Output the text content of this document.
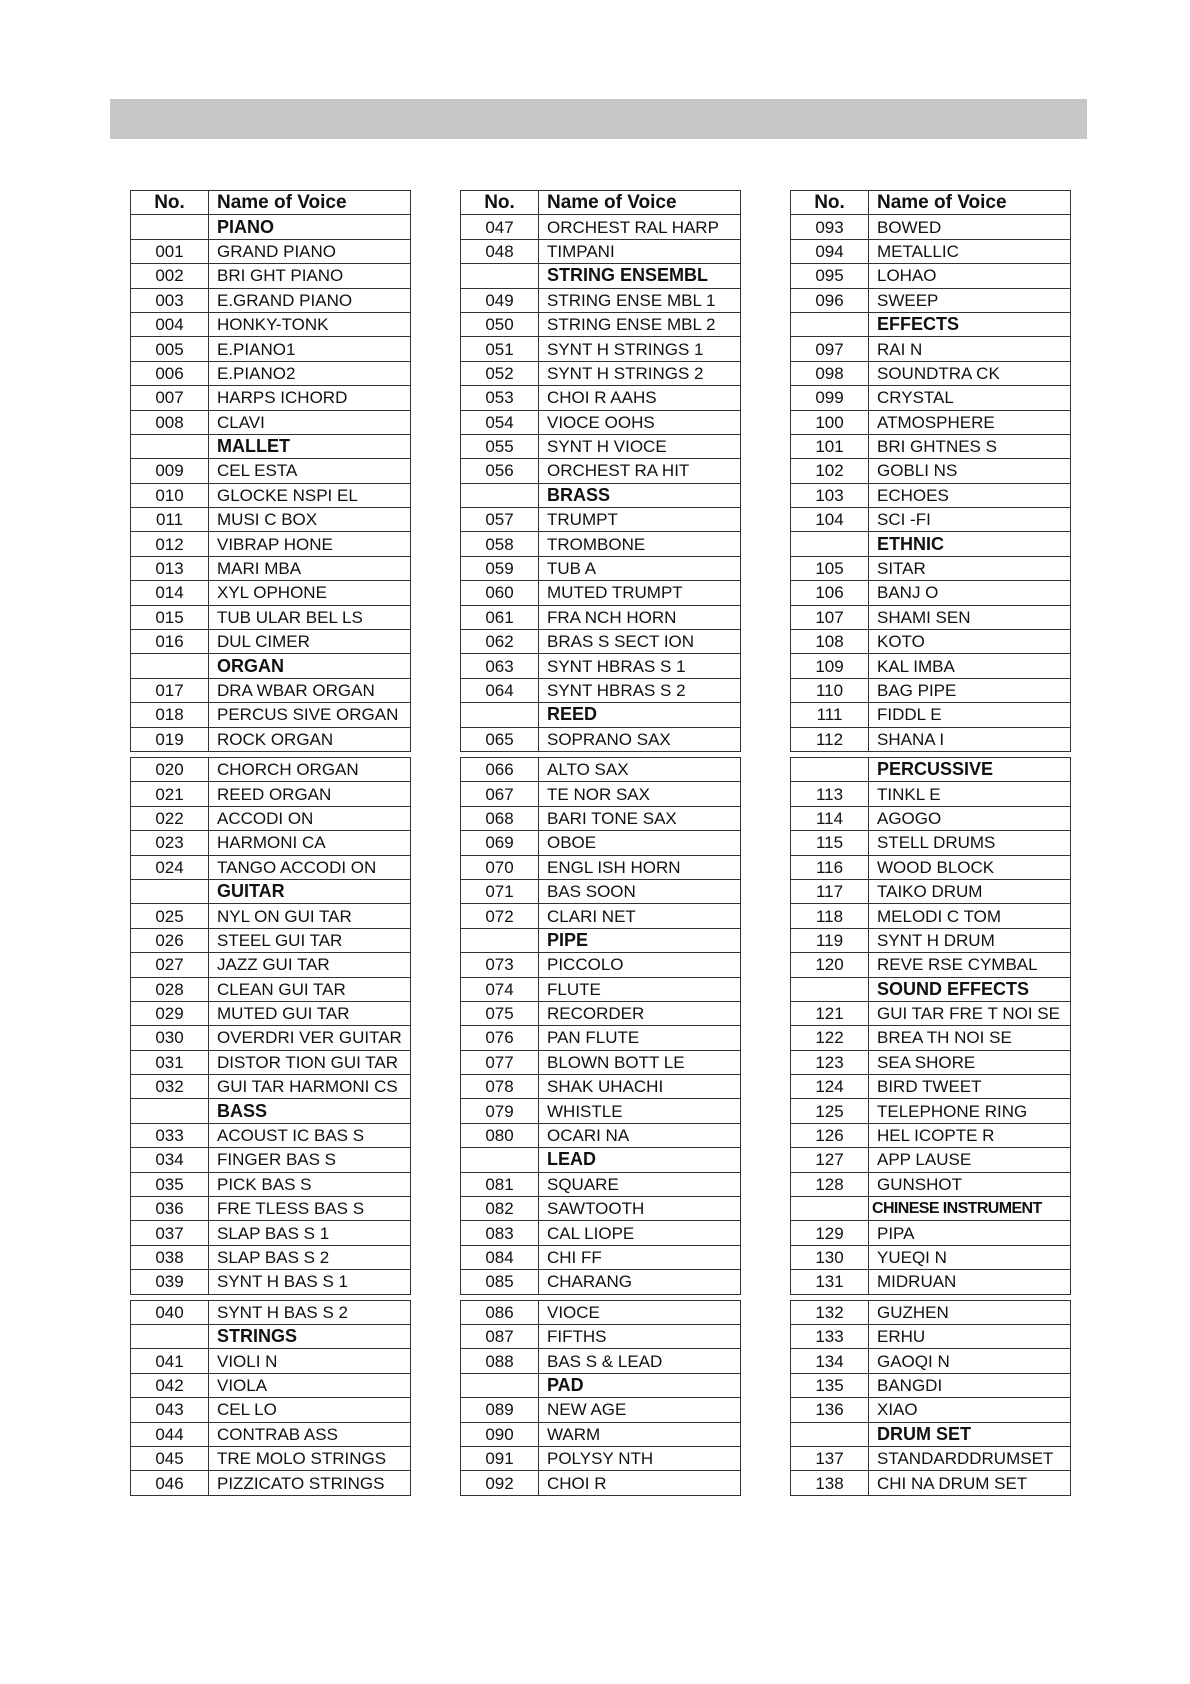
No.	Name of Voice
	PIANO
001	GRAND PIANO
002	BRI GHT PIANO
003	E.GRAND PIANO
004	HONKY-TONK
005	E.PIANO1
006	E.PIANO2
007	HARPS ICHORD
008	CLAVI
	MALLET
009	CEL ESTA
010	GLOCKE NSPI EL
011	MUSI C BOX
012	VIBRAP HONE
013	MARI MBA
014	XYL OPHONE
015	TUB ULAR BEL LS
016	DUL CIMER
	ORGAN
017	DRA WBAR ORGAN
018	PERCUS SIVE ORGAN
019	ROCK ORGAN

020	CHORCH ORGAN
021	REED ORGAN
022	ACCODI ON
023	HARMONI CA
024	TANGO ACCODI ON
	GUITAR
025	NYL ON GUI TAR
026	STEEL GUI TAR
027	JAZZ GUI TAR
028	CLEAN GUI TAR
029	MUTED GUI TAR
030	OVERDRI VER GUITAR
031	DISTOR TION GUI TAR
032	GUI TAR HARMONI CS
	BASS
033	ACOUST IC BAS S
034	FINGER BAS S
035	PICK BAS S
036	FRE TLESS BAS S
037	SLAP BAS S 1
038	SLAP BAS S 2
039	SYNT H BAS S 1

040	SYNT H BAS S 2
	STRINGS
041	VIOLI N
042	VIOLA
043	CEL LO
044	CONTRAB ASS
045	TRE MOLO STRINGS
046	PIZZICATO STRINGS
No.	Name of Voice
047	ORCHEST RAL HARP
048	TIMPANI
	STRING ENSEMBL
049	STRING ENSE MBL 1
050	STRING ENSE MBL 2
051	SYNT H STRINGS 1
052	SYNT H STRINGS 2
053	CHOI R AAHS
054	VIOCE OOHS
055	SYNT H VIOCE
056	ORCHEST RA HIT
	BRASS
057	TRUMPT
058	TROMBONE
059	TUB A
060	MUTED TRUMPT
061	FRA NCH HORN
062	BRAS S SECT ION
063	SYNT HBRAS S 1
064	SYNT HBRAS S 2
	REED
065	SOPRANO SAX

066	ALTO SAX
067	TE NOR SAX
068	BARI TONE SAX
069	OBOE
070	ENGL ISH HORN
071	BAS SOON
072	CLARI NET
	PIPE
073	PICCOLO
074	FLUTE
075	RECORDER
076	PAN FLUTE
077	BLOWN BOTT LE
078	SHAK UHACHI
079	WHISTLE
080	OCARI NA
	LEAD
081	SQUARE
082	SAWTOOTH
083	CAL LIOPE
084	CHI FF
085	CHARANG

086	VIOCE
087	FIFTHS
088	BAS S & LEAD
	PAD
089	NEW AGE
090	WARM
091	POLYSY NTH
092	CHOI R
No.	Name of Voice
093	BOWED
094	METALLIC
095	LOHAO
096	SWEEP
	EFFECTS
097	RAI N
098	SOUNDTRA CK
099	CRYSTAL
100	ATMOSPHERE
101	BRI GHTNES S
102	GOBLI NS
103	ECHOES
104	SCI -FI
	ETHNIC
105	SITAR
106	BANJ O
107	SHAMI SEN
108	KOTO
109	KAL IMBA
110	BAG PIPE
111	FIDDL E
112	SHANA I

	PERCUSSIVE
113	TINKL E
114	AGOGO
115	STELL DRUMS
116	WOOD BLOCK
117	TAIKO DRUM
118	MELODI C TOM
119	SYNT H DRUM
120	REVE RSE CYMBAL
	SOUND EFFECTS
121	GUI TAR FRE T NOI SE
122	BREA TH NOI SE
123	SEA SHORE
124	BIRD TWEET
125	TELEPHONE RING
126	HEL ICOPTE R
127	APP LAUSE
128	GUNSHOT
	CHINESE INSTRUMENT
129	PIPA
130	YUEQI N
131	MIDRUAN

132	GUZHEN
133	ERHU
134	GAOQI N
135	BANGDI
136	XIAO
	DRUM SET
137	STANDARDDRUMSET
138	CHI NA DRUM SET
